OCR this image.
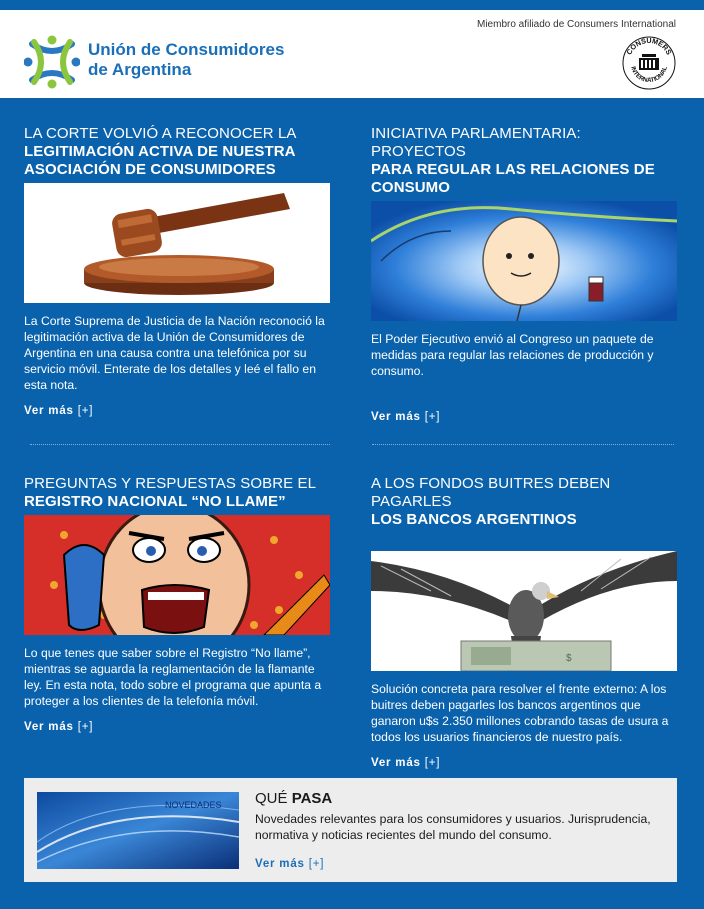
Unión de Consumidores
de Argentina
Miembro afiliado de Consumers International
CONSUMERS
INTERNATIONAL
LA CORTE VOLVIÓ A RECONOCER LA
LEGITIMACIÓN ACTIVA DE NUESTRA ASOCIACIÓN DE CONSUMIDORES

La Corte Suprema de Justicia de la Nación reconoció la legitimación activa de la Unión de Consumidores de Argentina en una causa contra una telefónica por su servicio móvil. Enterate de los detalles y leé el fallo en esta nota.

Ver más [+]
INICIATIVA PARLAMENTARIA: PROYECTOS
PARA REGULAR LAS RELACIONES DE CONSUMO

El Poder Ejecutivo envió al Congreso un paquete de medidas para regular las relaciones de producción y consumo.

Ver más [+]
PREGUNTAS Y RESPUESTAS SOBRE EL
REGISTRO NACIONAL “NO LLAME”

Lo que tenes que saber sobre el Registro “No llame”, mientras se aguarda la reglamentación de la flamante ley. En esta nota, todo sobre el programa que apunta a proteger a los clientes de la telefonía móvil.

Ver más [+]
A LOS FONDOS BUITRES DEBEN PAGARLES
LOS BANCOS ARGENTINOS
$

Solución concreta para resolver el frente externo: A los buitres deben pagarles los bancos argentinos que ganaron u$s 2.350 millones cobrando tasas de usura a todos los usuarios financieros de nuestro país.

Ver más [+]
NOVEDADES QUÉ PASA

Novedades relevantes para los consumidores y usuarios. Jurisprudencia, normativa y noticias recientes del mundo del consumo.

Ver más [+]
